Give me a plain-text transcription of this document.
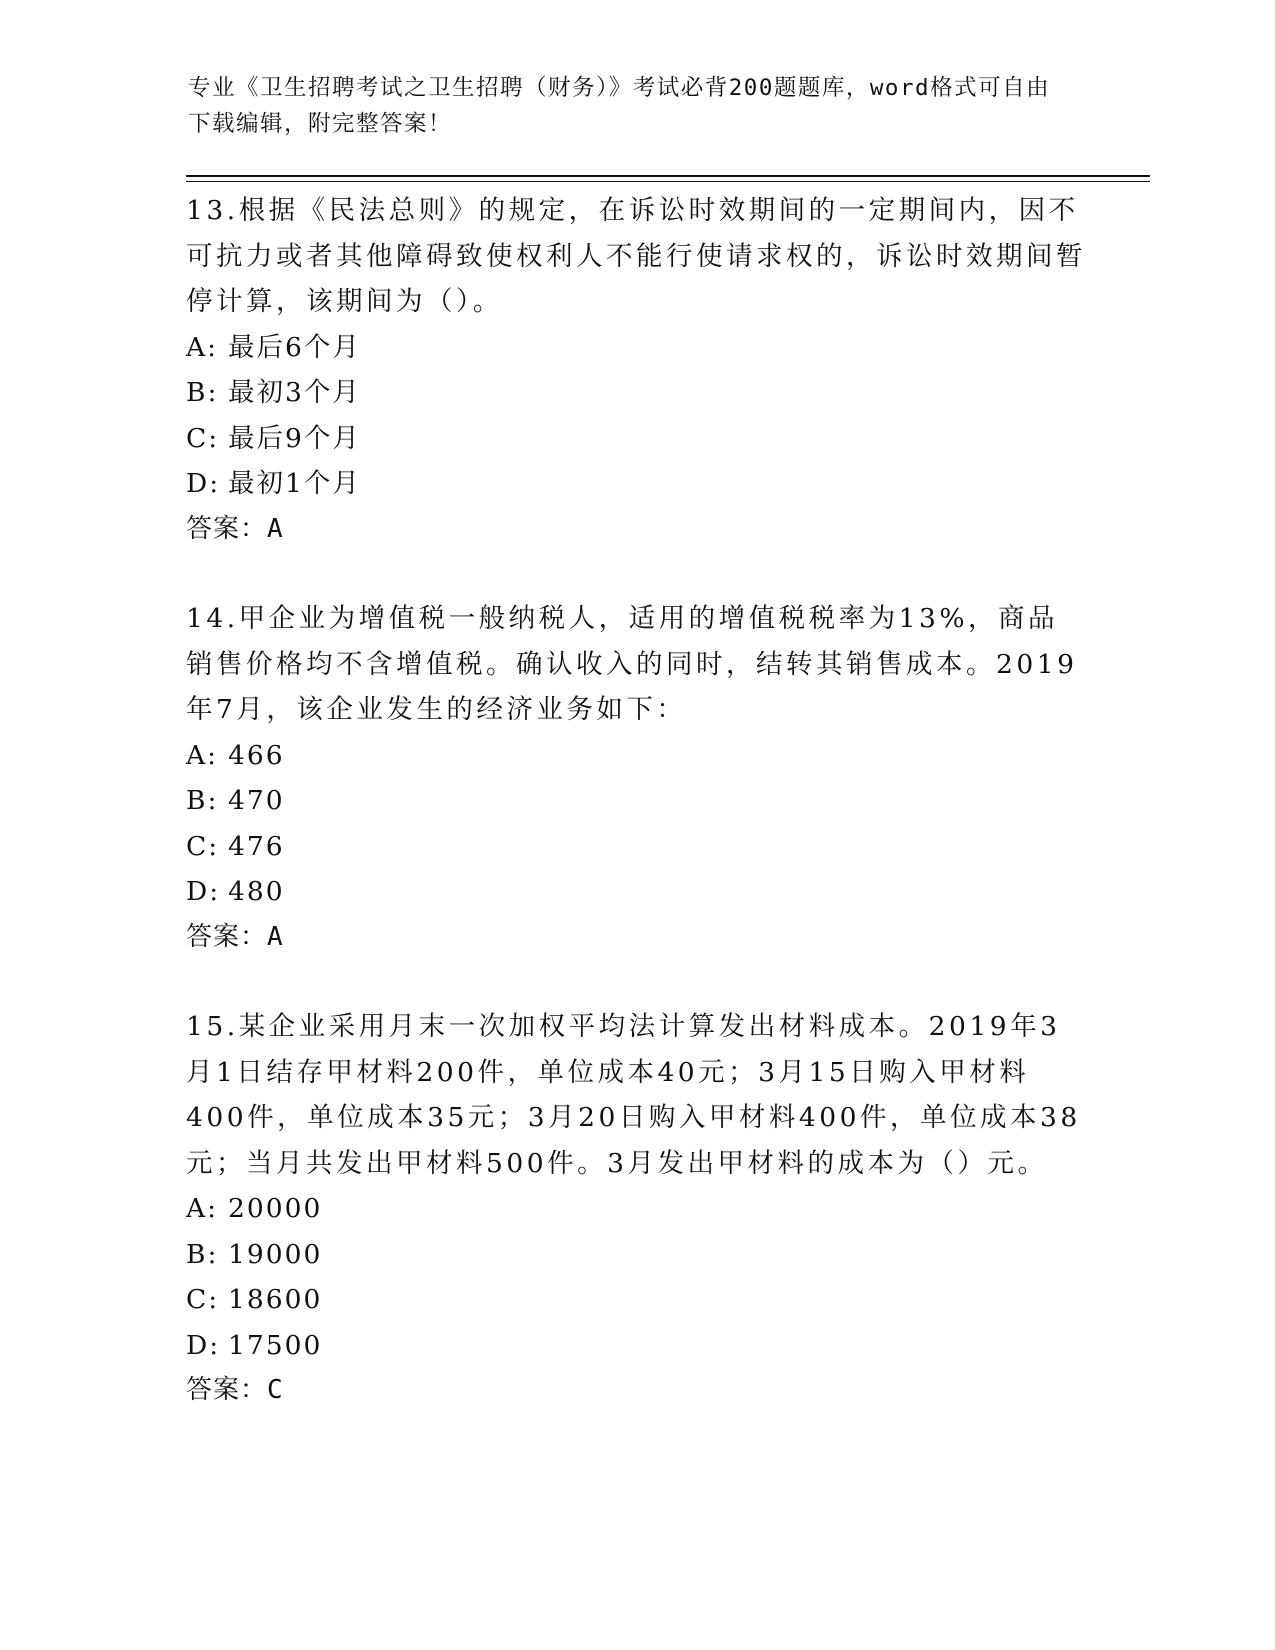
专业《卫生招聘考试之卫生招聘（财务）》考试必背200题题库，word格式可自由下载编辑，附完整答案！

13.根据《民法总则》的规定，在诉讼时效期间的一定期间内，因不可抗力或者其他障碍致使权利人不能行使请求权的，诉讼时效期间暂停计算，该期间为（）。

A: 最后6个月

B: 最初3个月

C: 最后9个月

D: 最初1个月

答案：A

14.甲企业为增值税一般纳税人，适用的增值税税率为13%，商品销售价格均不含增值税。确认收入的同时，结转其销售成本。2019年7月，该企业发生的经济业务如下：

A: 466

B: 470

C: 476

D: 480

答案：A

15.某企业采用月末一次加权平均法计算发出材料成本。2019年3月1日结存甲材料200件，单位成本40元；3月15日购入甲材料400件，单位成本35元；3月20日购入甲材料400件，单位成本38元；当月共发出甲材料500件。3月发出甲材料的成本为（）元。

A: 20000

B: 19000

C: 18600

D: 17500

答案：C
